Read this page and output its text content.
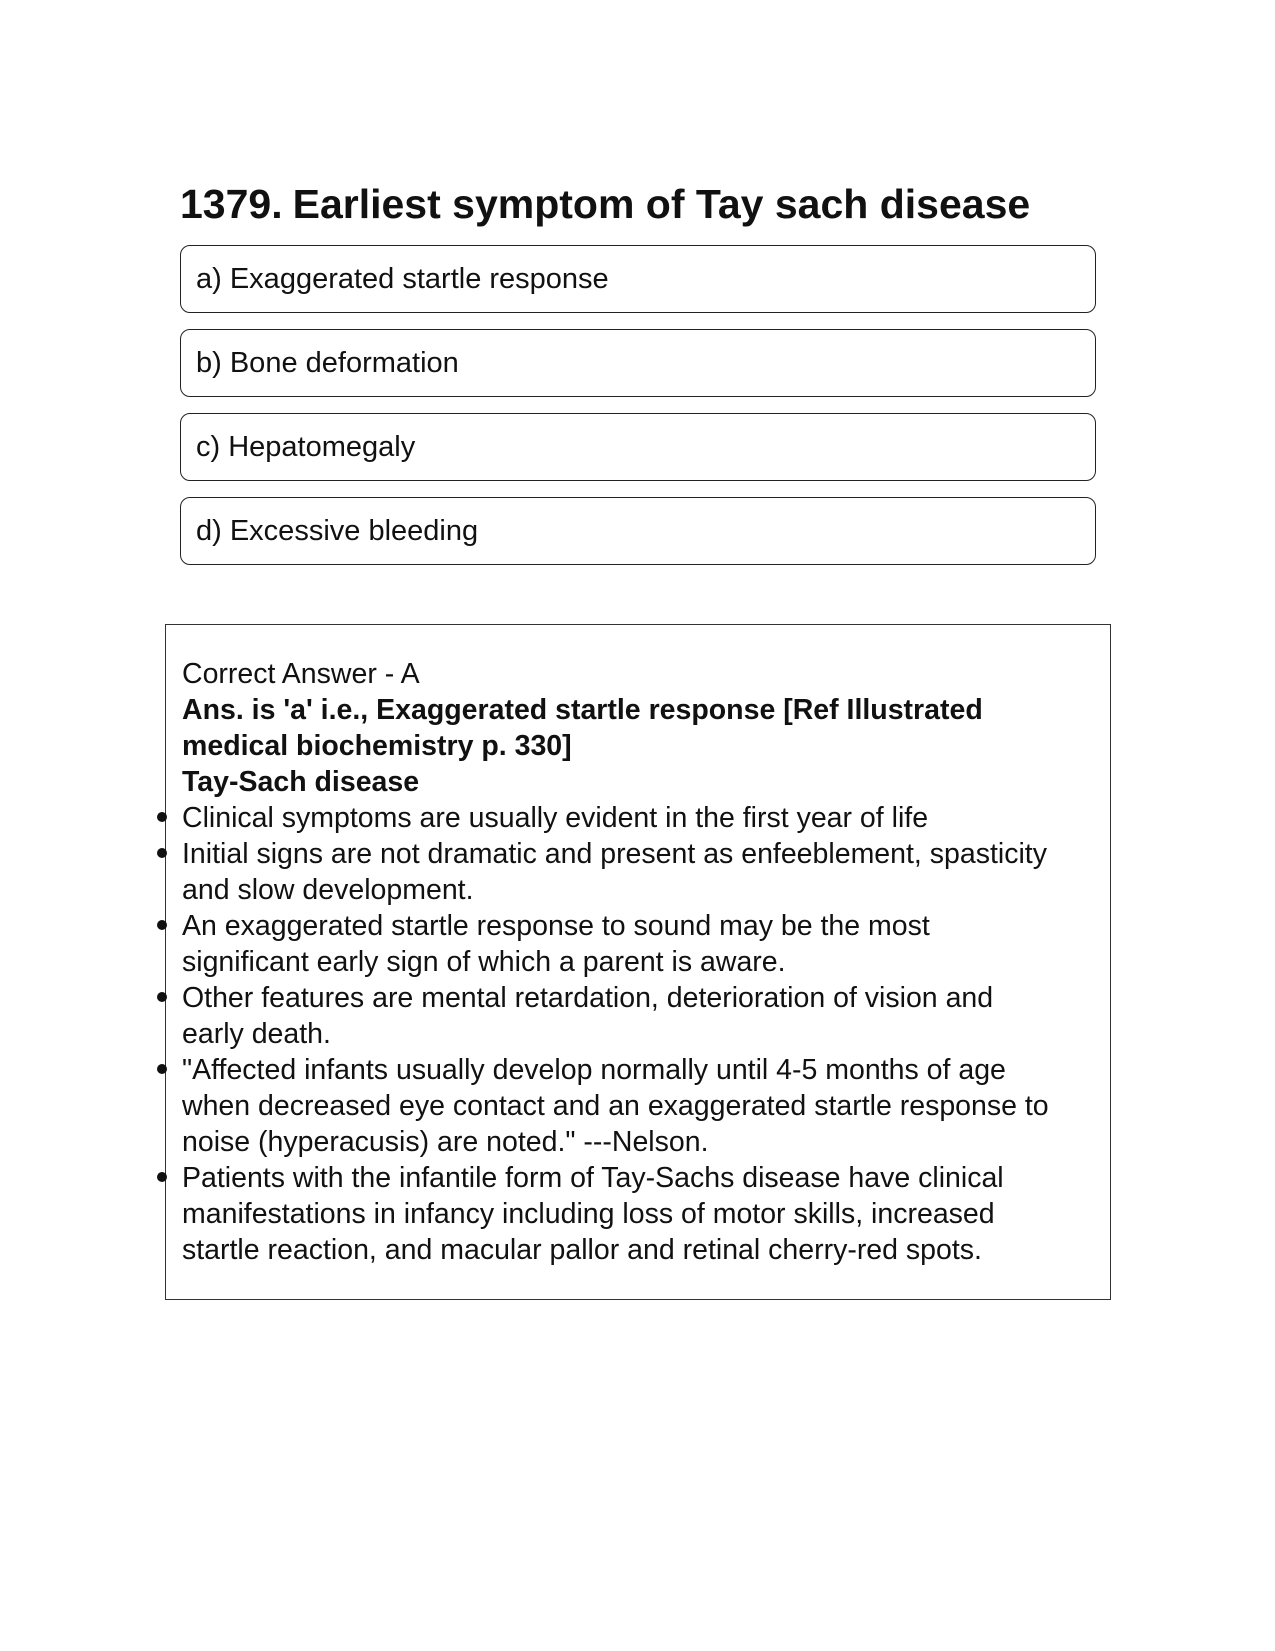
1379. Earliest symptom of Tay sach disease
a) Exaggerated startle response
b) Bone deformation
c) Hepatomegaly
d) Excessive bleeding
Correct Answer - A
Ans. is 'a' i.e., Exaggerated startle response [Ref Illustrated
medical biochemistry p. 330]
Tay-Sach disease
Clinical symptoms are usually evident in the first year of life
Initial signs are not dramatic and present as enfeeblement, spasticity
and slow development.
An exaggerated startle response to sound may be the most
significant early sign of which a parent is aware.
Other features are mental retardation, deterioration of vision and
early death.
"Affected infants usually develop normally until 4-5 months of age
when decreased eye contact and an exaggerated startle response to
noise (hyperacusis) are noted." ---Nelson.
Patients with the infantile form of Tay-Sachs disease have clinical
manifestations in infancy including loss of motor skills, increased
startle reaction, and macular pallor and retinal cherry-red spots.
